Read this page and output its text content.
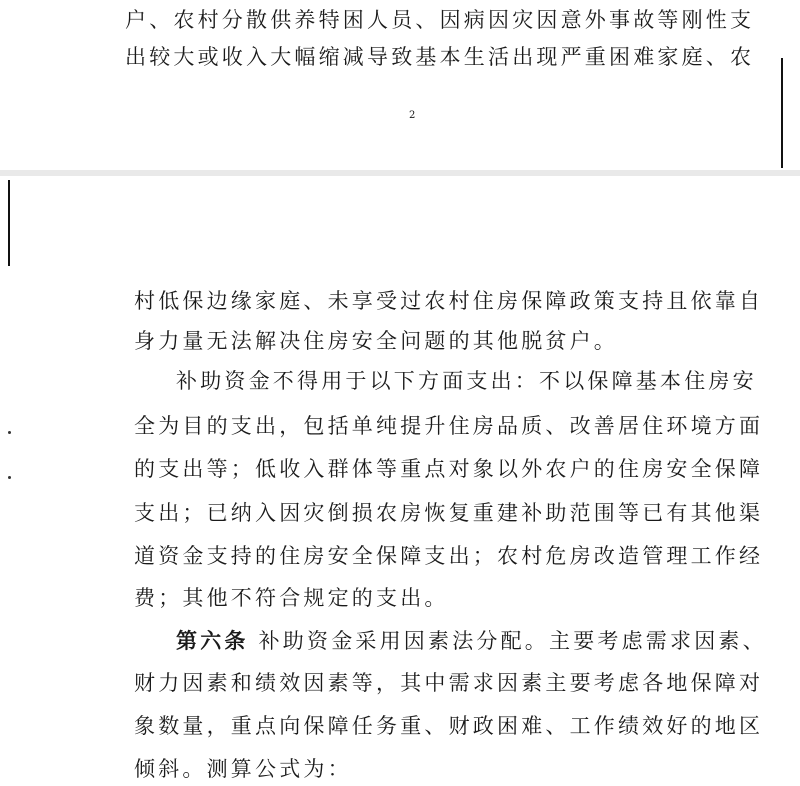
户、农村分散供养特困人员、因病因灾因意外事故等刚性支
出较大或收入大幅缩减导致基本生活出现严重困难家庭、农
2
村低保边缘家庭、未享受过农村住房保障政策支持且依靠自
身力量无法解决住房安全问题的其他脱贫户。
补助资金不得用于以下方面支出：不以保障基本住房安
全为目的支出，包括单纯提升住房品质、改善居住环境方面
的支出等；低收入群体等重点对象以外农户的住房安全保障
支出；已纳入因灾倒损农房恢复重建补助范围等已有其他渠
道资金支持的住房安全保障支出；农村危房改造管理工作经
费；其他不符合规定的支出。
第六条 补助资金采用因素法分配。主要考虑需求因素、
财力因素和绩效因素等，其中需求因素主要考虑各地保障对
象数量，重点向保障任务重、财政困难、工作绩效好的地区
倾斜。测算公式为：
